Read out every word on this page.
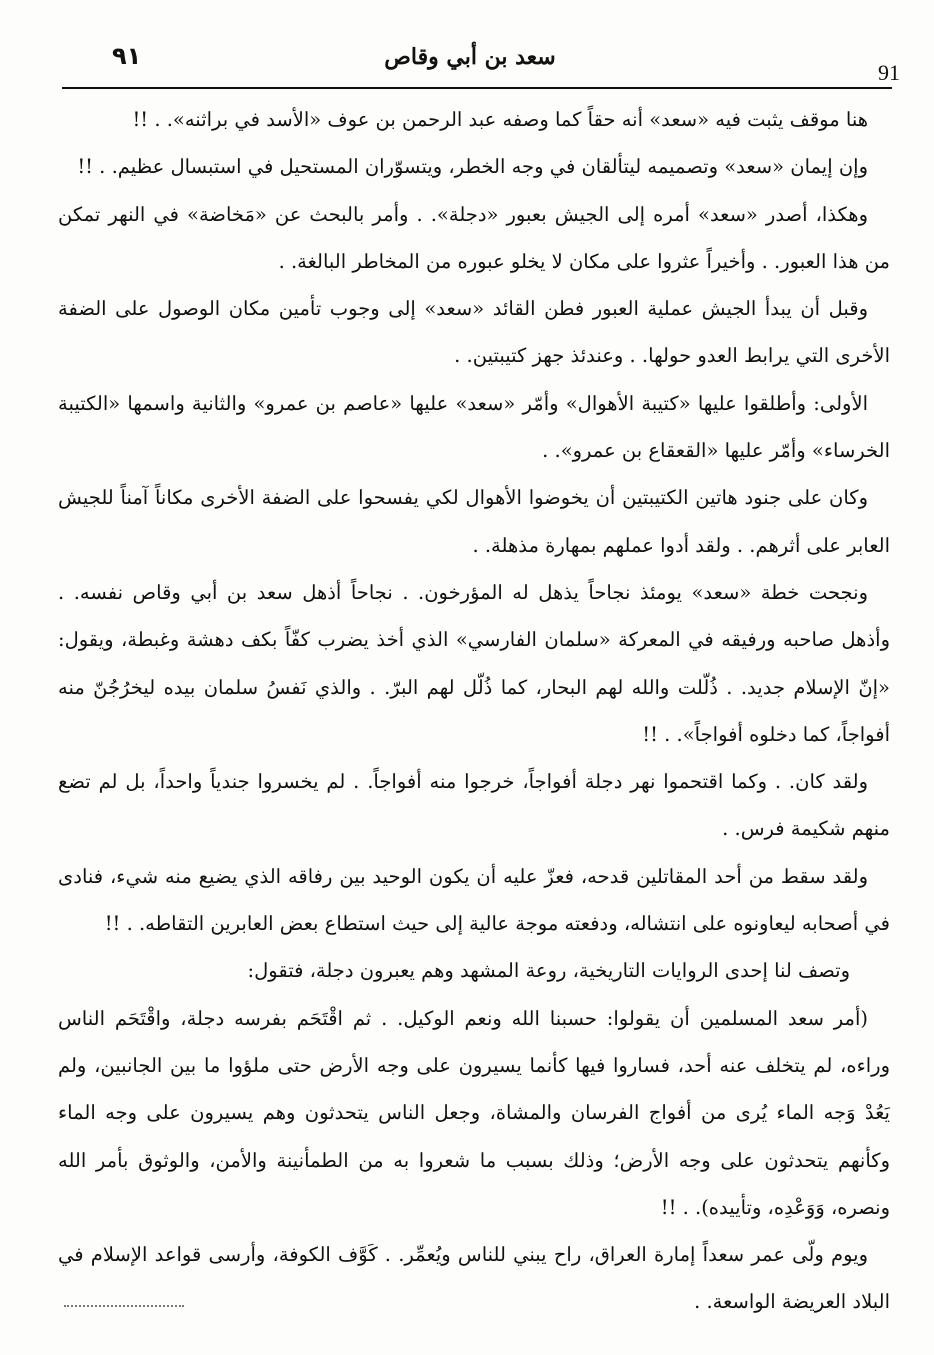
٩١	سعد بن أبي وقاص
91

هنا موقف يثبت فيه «سعد» أنه حقاً كما وصفه عبد الرحمن بن عوف «الأسد في براثنه». . !!

وإن إيمان «سعد» وتصميمه ليتألقان في وجه الخطر، ويتسوّران المستحيل في استبسال عظيم. . !!

وهكذا، أصدر «سعد» أمره إلى الجيش بعبور «دجلة». . وأمر بالبحث عن «مَخاضة» في النهر تمكن من هذا العبور. . وأخيراً عثروا على مكان لا يخلو عبوره من المخاطر البالغة. .

وقبل أن يبدأ الجيش عملية العبور فطن القائد «سعد» إلى وجوب تأمين مكان الوصول على الضفة الأخرى التي يرابط العدو حولها. . وعندئذ جهز كتيبتين. .

الأولى: وأطلقوا عليها «كتيبة الأهوال» وأمّر «سعد» عليها «عاصم بن عمرو» والثانية واسمها «الكتيبة الخرساء» وأمّر عليها «القعقاع بن عمرو». .

وكان على جنود هاتين الكتيبتين أن يخوضوا الأهوال لكي يفسحوا على الضفة الأخرى مكاناً آمناً للجيش العابر على أثرهم. . ولقد أدوا عملهم بمهارة مذهلة. .

ونجحت خطة «سعد» يومئذ نجاحاً يذهل له المؤرخون. . نجاحاً أذهل سعد بن أبي وقاص نفسه. . وأذهل صاحبه ورفيقه في المعركة «سلمان الفارسي» الذي أخذ يضرب كفّاً بكف دهشة وغبطة، ويقول: «إنّ الإسلام جديد. . ذُلّلت والله لهم البحار، كما ذُلّل لهم البرّ. . والذي نَفسُ سلمان بيده ليخرُجُنّ منه أفواجاً، كما دخلوه أفواجاً». . !!

ولقد كان. . وكما اقتحموا نهر دجلة أفواجاً، خرجوا منه أفواجاً. . لم يخسروا جندياً واحداً، بل لم تضع منهم شكيمة فرس. .

ولقد سقط من أحد المقاتلين قدحه، فعزّ عليه أن يكون الوحيد بين رفاقه الذي يضيع منه شيء، فنادى في أصحابه ليعاونوه على انتشاله، ودفعته موجة عالية إلى حيث استطاع بعض العابرين التقاطه. . !!

وتصف لنا إحدى الروايات التاريخية، روعة المشهد وهم يعبرون دجلة، فتقول:

(أمر سعد المسلمين أن يقولوا: حسبنا الله ونعم الوكيل. . ثم اقْتَحَم بفرسه دجلة، واقْتَحَم الناس وراءه، لم يتخلف عنه أحد، فساروا فيها كأنما يسيرون على وجه الأرض حتى ملؤوا ما بين الجانبين، ولم يَعُدْ وَجه الماء يُرى من أفواج الفرسان والمشاة، وجعل الناس يتحدثون وهم يسيرون على وجه الماء وكأنهم يتحدثون على وجه الأرض؛ وذلك بسبب ما شعروا به من الطمأنينة والأمن، والوثوق بأمر الله ونصره، وَوَعْدِه، وتأييده). . !!

ويوم ولّى عمر سعداً إمارة العراق، راح يبني للناس ويُعمِّر. . كَوَّف الكوفة، وأرسى قواعد الإسلام في البلاد العريضة الواسعة. .
